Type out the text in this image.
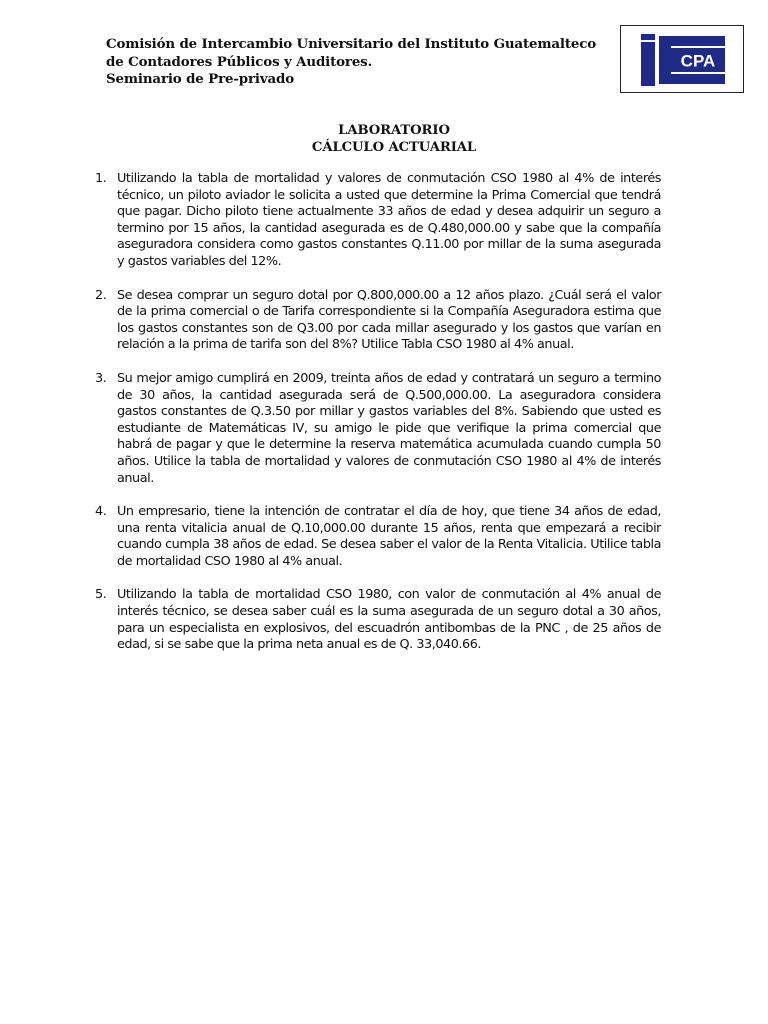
Comisión de Intercambio Universitario del Instituto Guatemalteco
de Contadores Públicos y Auditores.
Seminario de Pre-privado
CPA
LABORATORIO
CÁLCULO ACTUARIAL
1. Utilizando la tabla de mortalidad y valores de conmutación CSO 1980 al 4% de interés técnico, un piloto aviador le solicita a usted que determine la Prima Comercial que tendrá que pagar. Dicho piloto tiene actualmente 33 años de edad y desea adquirir un seguro a termino por 15 años, la cantidad asegurada es de Q.480,000.00 y sabe que la compañía aseguradora considera como gastos constantes Q.11.00 por millar de la suma asegurada y gastos variables del 12%.
2. Se desea comprar un seguro dotal por Q.800,000.00 a 12 años plazo. ¿Cuál será el valor de la prima comercial o de Tarifa correspondiente si la Compañía Aseguradora estima que los gastos constantes son de Q3.00 por cada millar asegurado y los gastos que varían en relación a la prima de tarifa son del 8%? Utilice Tabla CSO 1980 al 4% anual.
3. Su mejor amigo cumplirá en 2009, treinta años de edad y contratará un seguro a termino de 30 años, la cantidad asegurada será de Q.500,000.00. La aseguradora considera gastos constantes de Q.3.50 por millar y gastos variables del 8%. Sabiendo que usted es estudiante de Matemáticas IV, su amigo le pide que verifique la prima comercial que habrá de pagar y que le determine la reserva matemática acumulada cuando cumpla 50 años. Utilice la tabla de mortalidad y valores de conmutación CSO 1980 al 4% de interés anual.
4. Un empresario, tiene la intención de contratar el día de hoy, que tiene 34 años de edad, una renta vitalicia anual de Q.10,000.00 durante 15 años, renta que empezará a recibir cuando cumpla 38 años de edad. Se desea saber el valor de la Renta Vitalicia. Utilice tabla de mortalidad CSO 1980 al 4% anual.
5. Utilizando la tabla de mortalidad CSO 1980, con valor de conmutación al 4% anual de interés técnico, se desea saber cuál es la suma asegurada de un seguro dotal a 30 años, para un especialista en explosivos, del escuadrón antibombas de la PNC , de 25 años de edad, si se sabe que la prima neta anual es de Q. 33,040.66.
